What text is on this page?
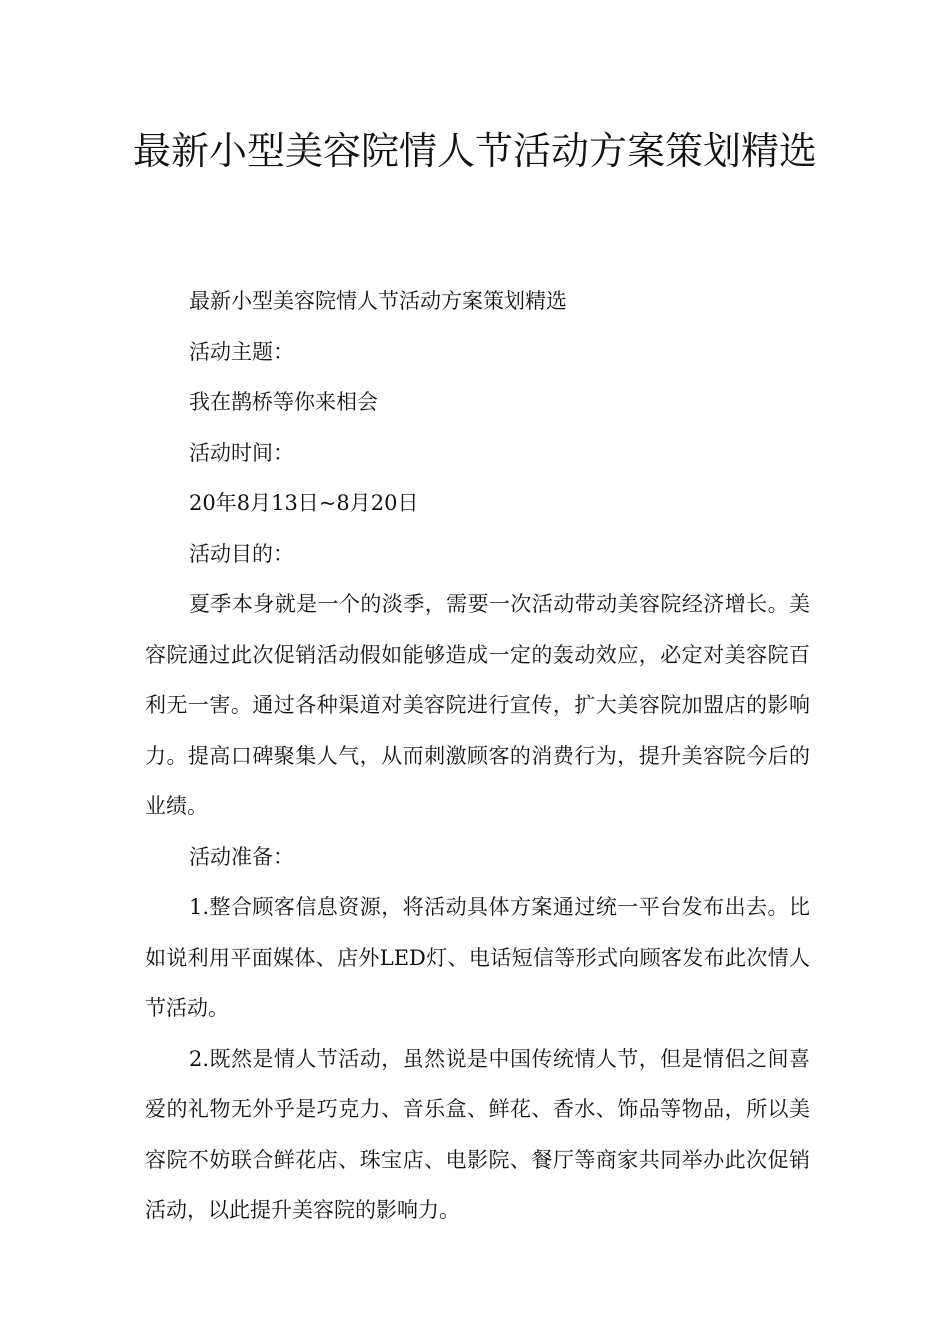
最新小型美容院情人节活动方案策划精选

最新小型美容院情人节活动方案策划精选

活动主题：

我在鹊桥等你来相会

活动时间：

20年8月13日~8月20日

活动目的：

夏季本身就是一个的淡季，需要一次活动带动美容院经济增长。美容院通过此次促销活动假如能够造成一定的轰动效应，必定对美容院百利无一害。通过各种渠道对美容院进行宣传，扩大美容院加盟店的影响力。提高口碑聚集人气，从而刺激顾客的消费行为，提升美容院今后的业绩。

活动准备：

1.整合顾客信息资源，将活动具体方案通过统一平台发布出去。比如说利用平面媒体、店外LED灯、电话短信等形式向顾客发布此次情人节活动。

2.既然是情人节活动，虽然说是中国传统情人节，但是情侣之间喜爱的礼物无外乎是巧克力、音乐盒、鲜花、香水、饰品等物品，所以美容院不妨联合鲜花店、珠宝店、电影院、餐厅等商家共同举办此次促销活动，以此提升美容院的影响力。
